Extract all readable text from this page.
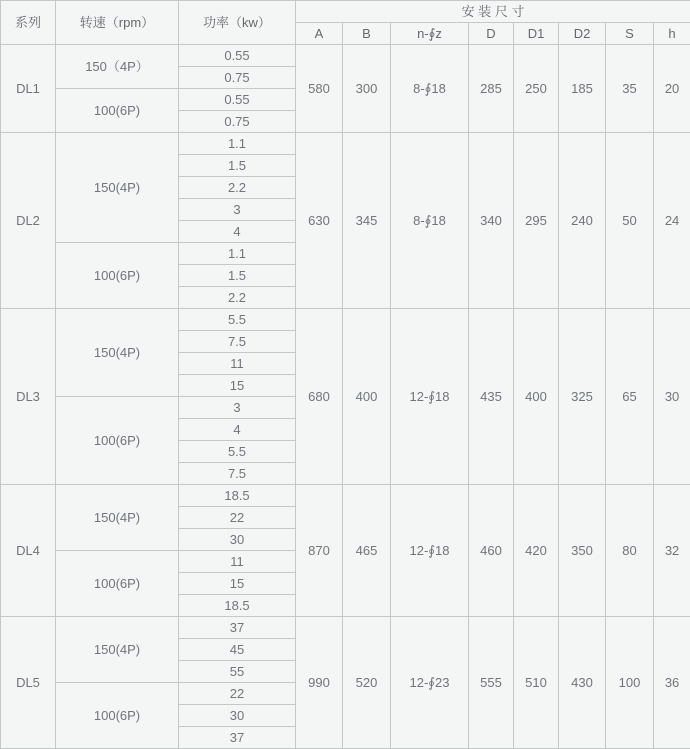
系列	转速（rpm）	功率（kw）	安 装 尺 寸							
			A	B	n-∮z	D	D1	D2	S	h
DL1	150（4P）	0.55	580	300	8-∮18	285	250	185	35	20
		0.75								
	100(6P)	0.55								
		0.75								
DL2	150(4P)	1.1	630	345	8-∮18	340	295	240	50	24
		1.5								
		2.2								
		3								
		4								
	100(6P)	1.1								
		1.5								
		2.2								
DL3	150(4P)	5.5	680	400	12-∮18	435	400	325	65	30
		7.5								
		11								
		15								
	100(6P)	3								
		4								
		5.5								
		7.5								
DL4	150(4P)	18.5	870	465	12-∮18	460	420	350	80	32
		22								
		30								
	100(6P)	11								
		15								
		18.5								
DL5	150(4P)	37	990	520	12-∮23	555	510	430	100	36
		45								
		55								
	100(6P)	22								
		30								
		37								
